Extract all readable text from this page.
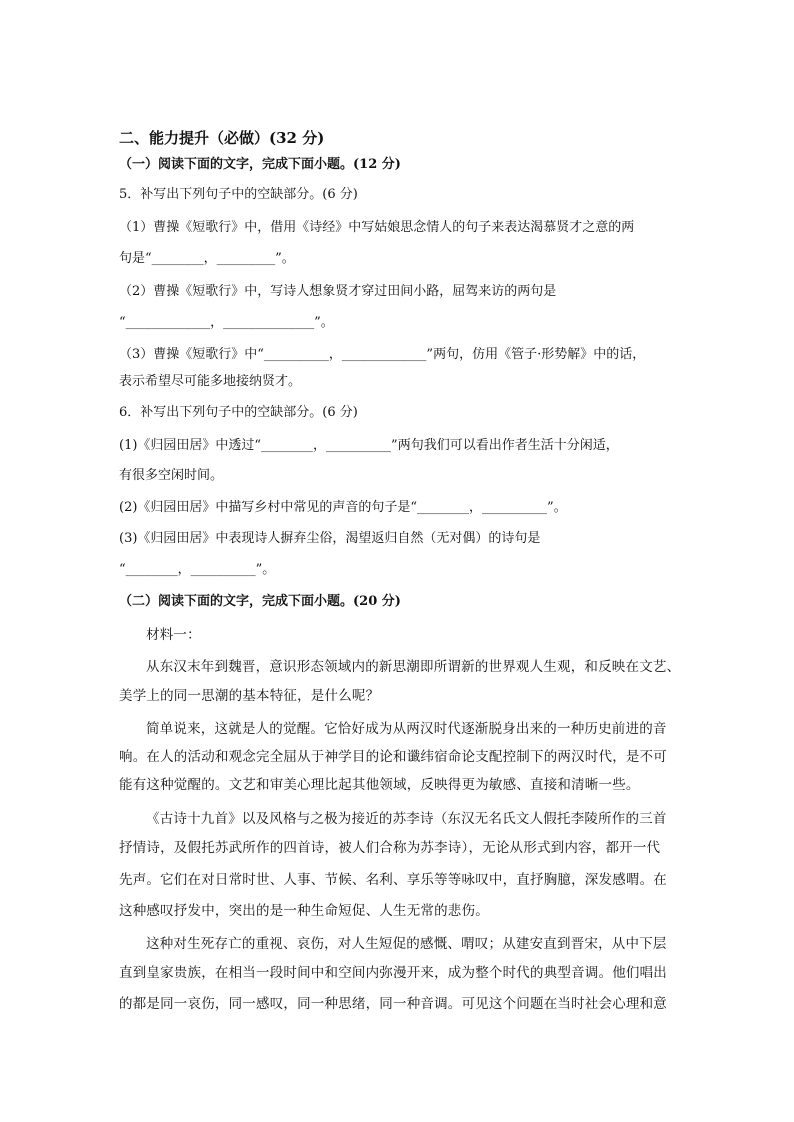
二、能力提升（必做）(32 分)
（一）阅读下面的文字，完成下面小题。(12 分)
5．补写出下列句子中的空缺部分。(6 分)
（1）曹操《短歌行》中，借用《诗经》中写姑娘思念情人的句子来表达渴慕贤才之意的两
句是“________，_________”。
（2）曹操《短歌行》中，写诗人想象贤才穿过田间小路，屈驾来访的两句是
“_____________，______________”。
（3）曹操《短歌行》中“__________，_____________”两句，仿用《管子·形势解》中的话，
表示希望尽可能多地接纳贤才。
6．补写出下列句子中的空缺部分。(6 分)
(1)《归园田居》中透过“________，__________”两句我们可以看出作者生活十分闲适，
有很多空闲时间。
(2)《归园田居》中描写乡村中常见的声音的句子是“________，__________”。
(3)《归园田居》中表现诗人摒弃尘俗，渴望返归自然（无对偶）的诗句是
“________，__________”。
（二）阅读下面的文字，完成下面小题。(20 分)
材料一：
从东汉末年到魏晋，意识形态领域内的新思潮即所谓新的世界观人生观，和反映在文艺、
美学上的同一思潮的基本特征，是什么呢？
简单说来，这就是人的觉醒。它恰好成为从两汉时代逐渐脱身出来的一种历史前进的音
响。在人的活动和观念完全屈从于神学目的论和谶纬宿命论支配控制下的两汉时代，是不可
能有这种觉醒的。文艺和审美心理比起其他领域，反映得更为敏感、直接和清晰一些。
《古诗十九首》以及风格与之极为接近的苏李诗（东汉无名氏文人假托李陵所作的三首
抒情诗，及假托苏武所作的四首诗，被人们合称为苏李诗），无论从形式到内容，都开一代
先声。它们在对日常时世、人事、节候、名利、享乐等等咏叹中，直抒胸臆，深发感喟。在
这种感叹抒发中，突出的是一种生命短促、人生无常的悲伤。
这种对生死存亡的重视、哀伤，对人生短促的感慨、喟叹；从建安直到晋宋，从中下层
直到皇家贵族，在相当一段时间中和空间内弥漫开来，成为整个时代的典型音调。他们唱出
的都是同一哀伤，同一感叹，同一种思绪，同一种音调。可见这个问题在当时社会心理和意
